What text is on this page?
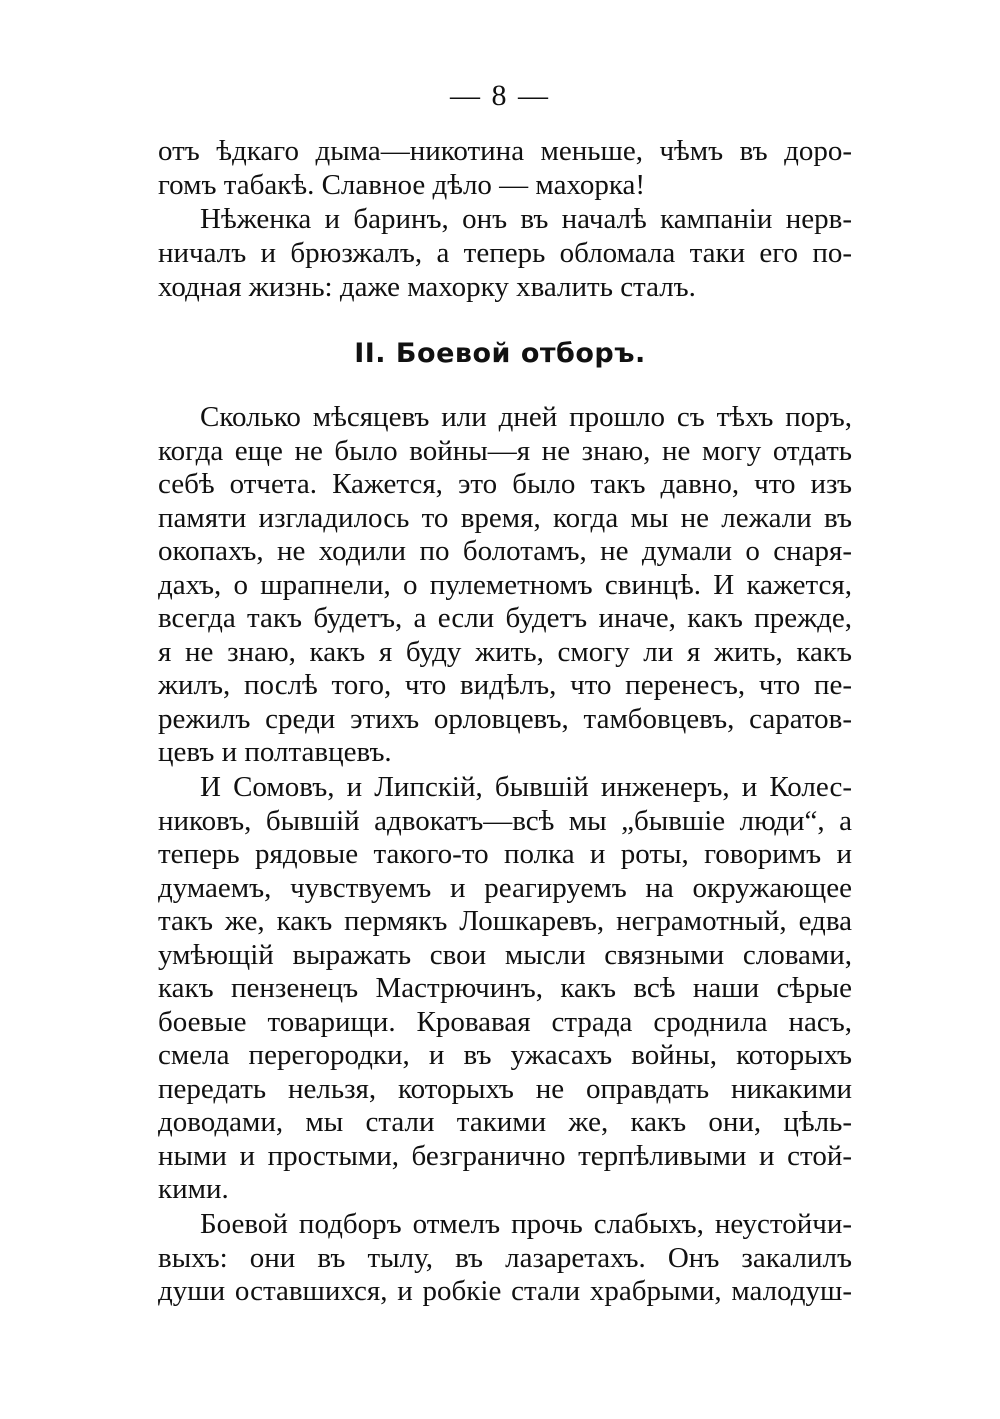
— 8 —
отъ ѣдкаго дыма—никотина меньше, чѣмъ въ доро-
гомъ табакѣ. Славное дѣло — махорка!
Нѣженка и баринъ, онъ въ началѣ кампаніи нерв-
ничалъ и брюзжалъ, а теперь обломала таки его по-
ходная жизнь: даже махорку хвалить сталъ.
II. Боевой отборъ.
Сколько мѣсяцевъ или дней прошло съ тѣхъ поръ,
когда еще не было войны—я не знаю, не могу отдать
себѣ отчета. Кажется, это было такъ давно, что изъ
памяти изгладилось то время, когда мы не лежали въ
окопахъ, не ходили по болотамъ, не думали о снаря-
дахъ, о шрапнели, о пулеметномъ свинцѣ. И кажется,
всегда такъ будетъ, а если будетъ иначе, какъ прежде,
я не знаю, какъ я буду жить, смогу ли я жить, какъ
жилъ, послѣ того, что видѣлъ, что перенесъ, что пе-
режилъ среди этихъ орловцевъ, тамбовцевъ, саратов-
цевъ и полтавцевъ.
И Сомовъ, и Липскій, бывшій инженеръ, и Колес-
никовъ, бывшій адвокатъ—всѣ мы „бывшіе люди“, а
теперь рядовые такого-то полка и роты, говоримъ и
думаемъ, чувствуемъ и реагируемъ на окружающее
такъ же, какъ пермякъ Лошкаревъ, неграмотный, едва
умѣющій выражать свои мысли связными словами,
какъ пензенецъ Мастрючинъ, какъ всѣ наши сѣрые
боевые товарищи. Кровавая страда сроднила насъ,
смела перегородки, и въ ужасахъ войны, которыхъ
передать нельзя, которыхъ не оправдать никакими
доводами, мы стали такими же, какъ они, цѣль-
ными и простыми, безгранично терпѣливыми и стой-
кими.
Боевой подборъ отмелъ прочь слабыхъ, неустойчи-
выхъ: они въ тылу, въ лазаретахъ. Онъ закалилъ
души оставшихся, и робкіе стали храбрыми, малодуш-
